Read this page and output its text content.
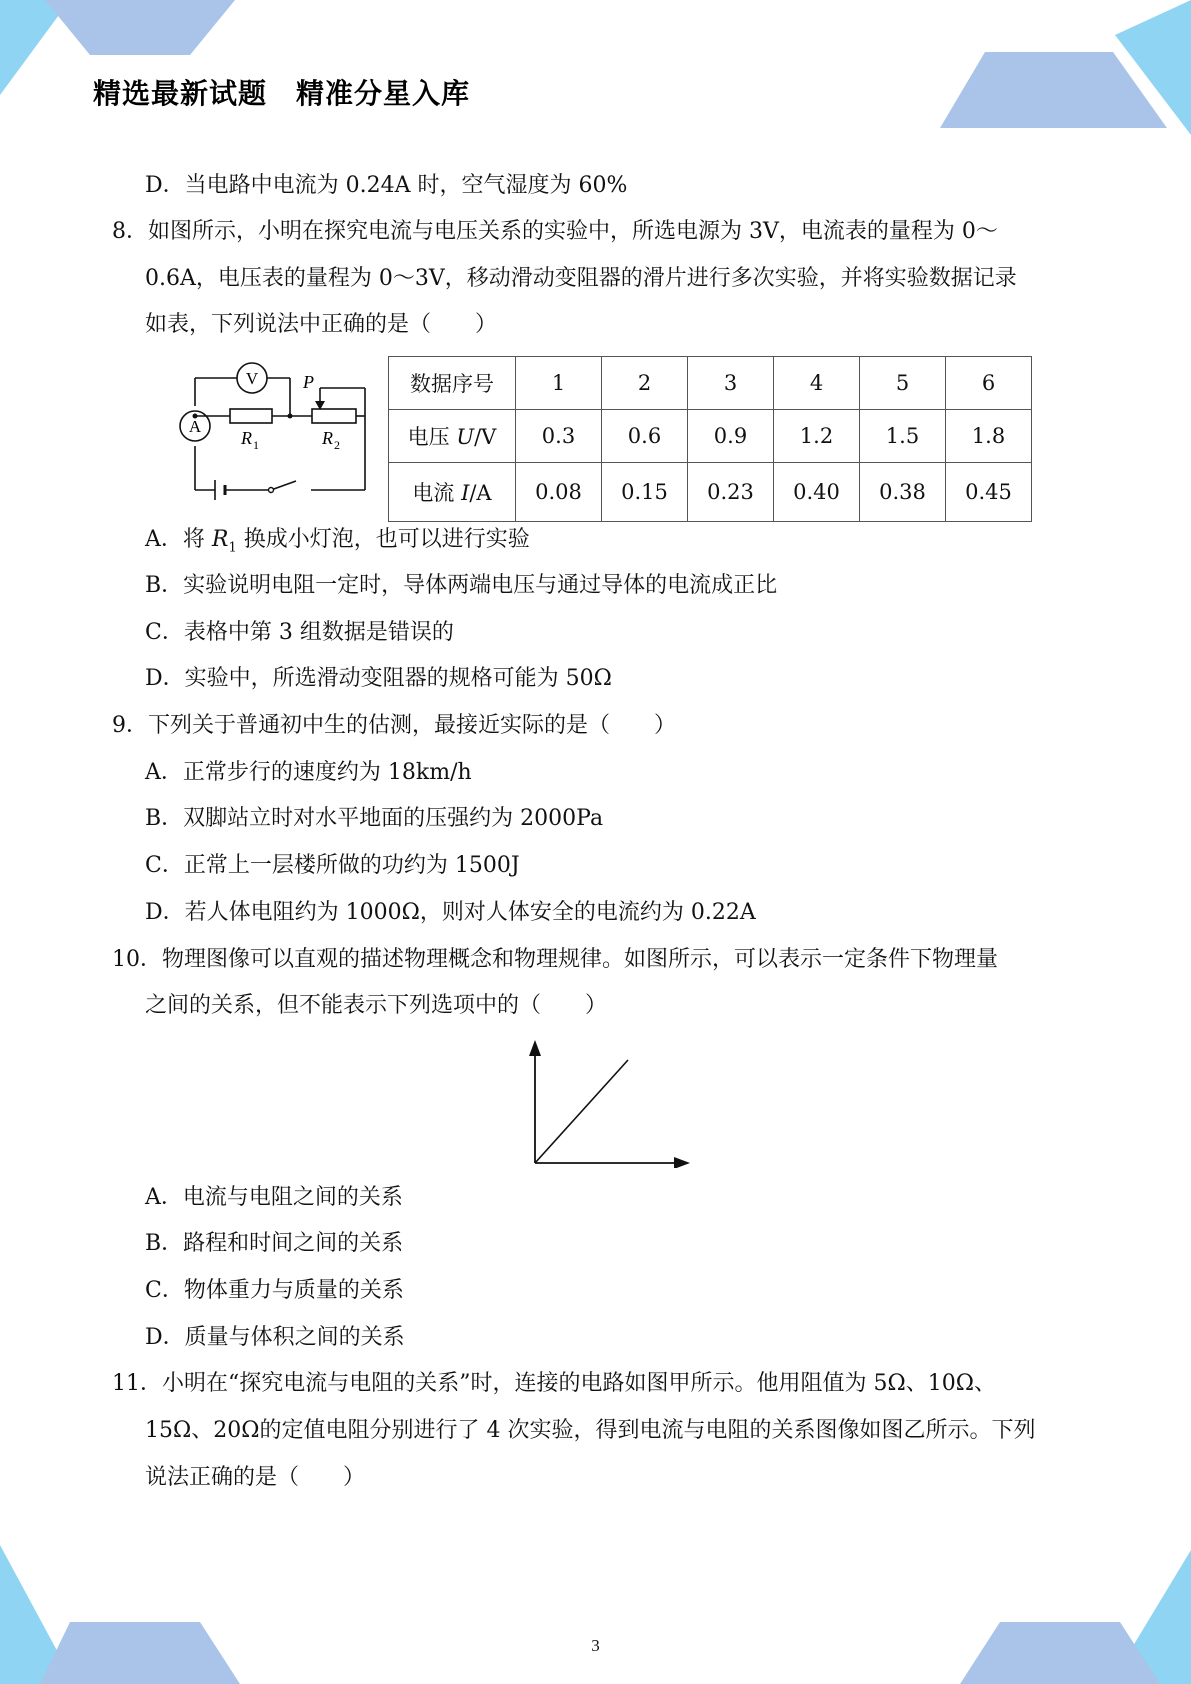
精选最新试题　精准分星入库
D．当电路中电流为 0.24A 时，空气湿度为 60%
8．如图所示，小明在探究电流与电压关系的实验中，所选电源为 3V，电流表的量程为 0～
0.6A，电压表的量程为 0～3V，移动滑动变阻器的滑片进行多次实验，并将实验数据记录
如表，下列说法中正确的是（　　）
V
A
P
R 1	R 2
数据序号	1	2	3	4	5	6
电压 U/V	0.3	0.6	0.9	1.2	1.5	1.8
电流 I/A	0.08	0.15	0.23	0.40	0.38	0.45
A．将 $R_1$ 换成小灯泡，也可以进行实验
B．实验说明电阻一定时，导体两端电压与通过导体的电流成正比
C．表格中第 3 组数据是错误的
D．实验中，所选滑动变阻器的规格可能为 50Ω
9．下列关于普通初中生的估测，最接近实际的是（　　）
A．正常步行的速度约为 18km/h
B．双脚站立时对水平地面的压强约为 2000Pa
C．正常上一层楼所做的功约为 1500J
D．若人体电阻约为 1000Ω，则对人体安全的电流约为 0.22A
10．物理图像可以直观的描述物理概念和物理规律。如图所示，可以表示一定条件下物理量
之间的关系，但不能表示下列选项中的（　　）
A．电流与电阻之间的关系
B．路程和时间之间的关系
C．物体重力与质量的关系
D．质量与体积之间的关系
11．小明在“探究电流与电阻的关系”时，连接的电路如图甲所示。他用阻值为 5Ω、10Ω、
15Ω、20Ω的定值电阻分别进行了 4 次实验，得到电流与电阻的关系图像如图乙所示。下列
说法正确的是（　　）
3
